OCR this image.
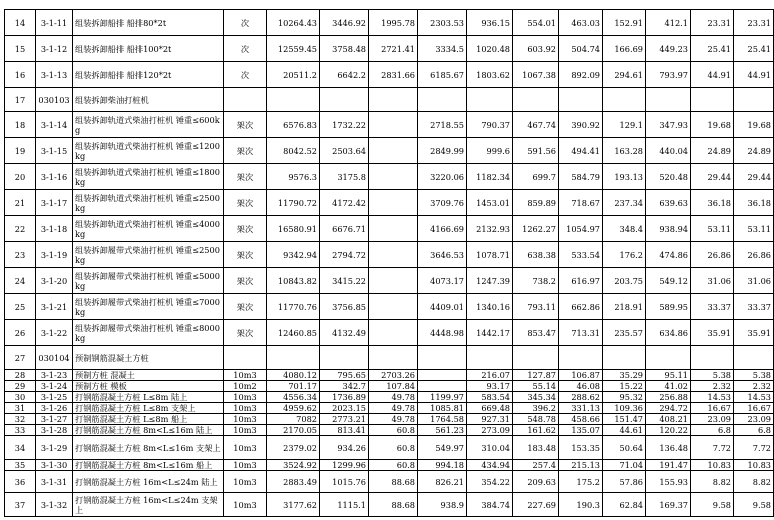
14	3-1-11	组装拆卸船排 船排80*2t	次	10264.43	3446.92	1995.78	2303.53	936.15	554.01	463.03	152.91	412.1	23.31	23.31
15	3-1-12	组装拆卸船排 船排100*2t	次	12559.45	3758.48	2721.41	3334.5	1020.48	603.92	504.74	166.69	449.23	25.41	25.41
16	3-1-13	组装拆卸船排 船排120*2t	次	20511.2	6642.2	2831.66	6185.67	1803.62	1067.38	892.09	294.61	793.97	44.91	44.91
17	030103	组装拆卸柴油打桩机												
18	3-1-14	组装拆卸轨道式柴油打桩机 锤重≤600kg	架次	6576.83	1732.22		2718.55	790.37	467.74	390.92	129.1	347.93	19.68	19.68
19	3-1-15	组装拆卸轨道式柴油打桩机 锤重≤1200kg	架次	8042.52	2503.64		2849.99	999.6	591.56	494.41	163.28	440.04	24.89	24.89
20	3-1-16	组装拆卸轨道式柴油打桩机 锤重≤1800kg	架次	9576.3	3175.8		3220.06	1182.34	699.7	584.79	193.13	520.48	29.44	29.44
21	3-1-17	组装拆卸轨道式柴油打桩机 锤重≤2500kg	架次	11790.72	4172.42		3709.76	1453.01	859.89	718.67	237.34	639.63	36.18	36.18
22	3-1-18	组装拆卸轨道式柴油打桩机 锤重≤4000kg	架次	16580.91	6676.71		4166.69	2132.93	1262.27	1054.97	348.4	938.94	53.11	53.11
23	3-1-19	组装拆卸履带式柴油打桩机 锤重≤2500kg	架次	9342.94	2794.72		3646.53	1078.71	638.38	533.54	176.2	474.86	26.86	26.86
24	3-1-20	组装拆卸履带式柴油打桩机 锤重≤5000kg	架次	10843.82	3415.22		4073.17	1247.39	738.2	616.97	203.75	549.12	31.06	31.06
25	3-1-21	组装拆卸履带式柴油打桩机 锤重≤7000kg	架次	11770.76	3756.85		4409.01	1340.16	793.11	662.86	218.91	589.95	33.37	33.37
26	3-1-22	组装拆卸履带式柴油打桩机 锤重≤8000kg	架次	12460.85	4132.49		4448.98	1442.17	853.47	713.31	235.57	634.86	35.91	35.91
27	030104	预制钢筋混凝土方桩												
28	3-1-23	预制方桩 混凝土	10m3	4080.12	795.65	2703.26		216.07	127.87	106.87	35.29	95.11	5.38	5.38
29	3-1-24	预制方桩 模板	10m2	701.17	342.7	107.84		93.17	55.14	46.08	15.22	41.02	2.32	2.32
30	3-1-25	打钢筋混凝土方桩 L≤8m 陆上	10m3	4556.34	1736.89	49.78	1199.97	583.54	345.34	288.62	95.32	256.88	14.53	14.53
31	3-1-26	打钢筋混凝土方桩 L≤8m 支架上	10m3	4959.62	2023.15	49.78	1085.81	669.48	396.2	331.13	109.36	294.72	16.67	16.67
32	3-1-27	打钢筋混凝土方桩 L≤8m 船上	10m3	7082	2773.21	49.78	1764.58	927.31	548.78	458.66	151.47	408.21	23.09	23.09
33	3-1-28	打钢筋混凝土方桩 8m<L≤16m 陆上	10m3	2170.05	813.41	60.8	561.23	273.09	161.62	135.07	44.61	120.22	6.8	6.8
34	3-1-29	打钢筋混凝土方桩 8m<L≤16m 支架上	10m3	2379.02	934.26	60.8	549.97	310.04	183.48	153.35	50.64	136.48	7.72	7.72
35	3-1-30	打钢筋混凝土方桩 8m<L≤16m 船上	10m3	3524.92	1299.96	60.8	994.18	434.94	257.4	215.13	71.04	191.47	10.83	10.83
36	3-1-31	打钢筋混凝土方桩 16m<L≤24m 陆上	10m3	2883.49	1015.76	88.68	826.21	354.22	209.63	175.2	57.86	155.93	8.82	8.82
37	3-1-32	打钢筋混凝土方桩 16m<L≤24m 支架上	10m3	3177.62	1115.1	88.68	938.9	384.74	227.69	190.3	62.84	169.37	9.58	9.58
